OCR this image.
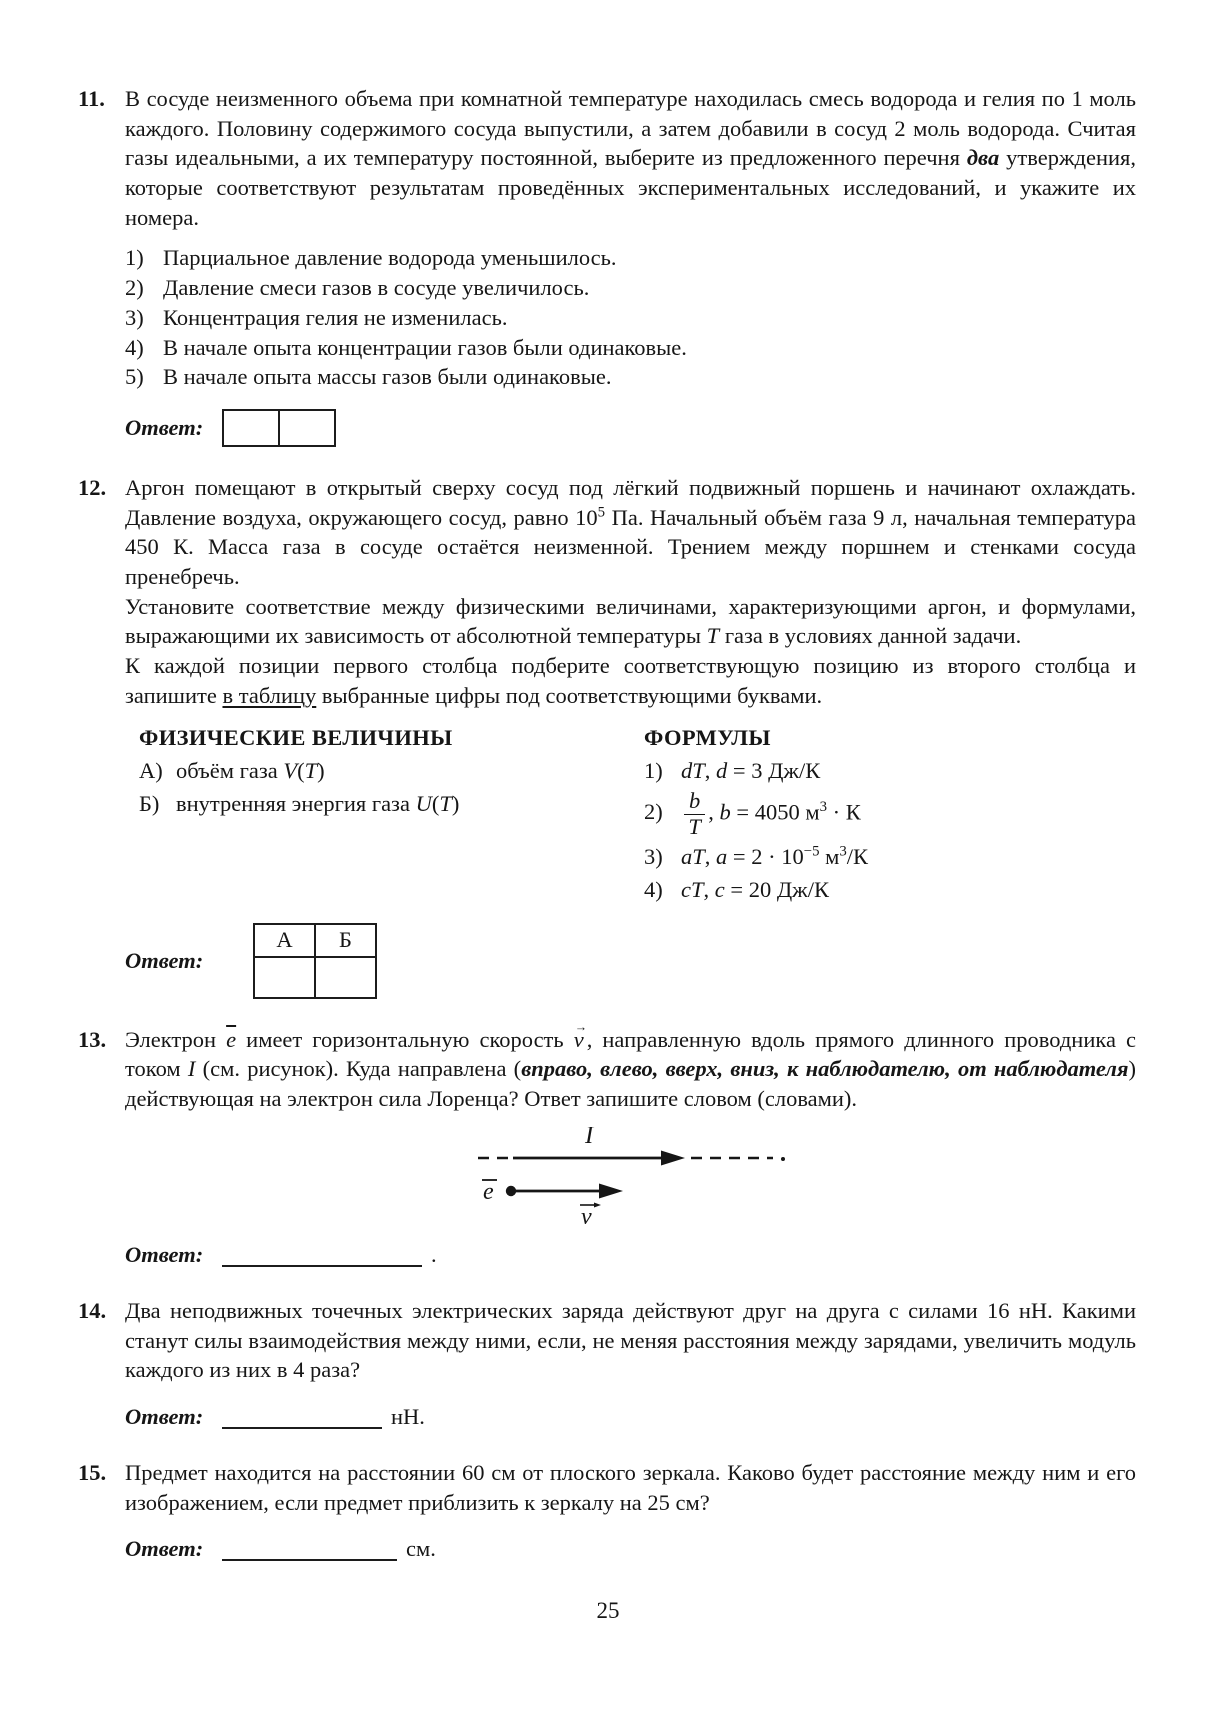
11. В сосуде неизменного объема при комнатной температуре находилась смесь водорода и гелия по 1 моль каждого. Половину содержимого сосуда выпустили, а затем добавили в сосуд 2 моль водорода. Считая газы идеальными, а их температуру постоянной, выберите из предложенного перечня два утверждения, которые соответствуют результатам проведённых экспериментальных исследований, и укажите их номера.

1) Парциальное давление водорода уменьшилось.
2) Давление смеси газов в сосуде увеличилось.
3) Концентрация гелия не изменилась.
4) В начале опыта концентрации газов были одинаковые.
5) В начале опыта массы газов были одинаковые.
Ответ:
12. Аргон помещают в открытый сверху сосуд под лёгкий подвижный поршень и начинают охлаждать. Давление воздуха, окружающего сосуд, равно $10^5$ Па. Начальный объём газа 9 л, начальная температура 450 К. Масса газа в сосуде остаётся неизменной. Трением между поршнем и стенками сосуда пренебречь.

Установите соответствие между физическими величинами, характеризующими аргон, и формулами, выражающими их зависимость от абсолютной температуры T газа в условиях данной задачи.

К каждой позиции первого столбца подберите соответствующую позицию из второго столбца и запишите в таблицу выбранные цифры под соответствующими буквами.

ФИЗИЧЕСКИЕ ВЕЛИЧИНЫ
А) объём газа V(T)
Б) внутренняя энергия газа U(T)
ФОРМУЛЫ
1) dT, d = 3 Дж/К
$2) \frac{b}{T}$ , b = 4050 $м^3 \cdot К$
3) aT, $a = 2 \cdot 10^{-5}$ $м^3/К$
4) cT, c = 20 Дж/К
Ответ:
А	Б

13. Электрон $\overline{e}$ имеет горизонтальную скорость v → , направленную вдоль прямого длинного проводника с током I (см. рисунок). Куда направлена (вправо, влево, вверх, вниз, к наблюдателю, от наблюдателя) действующая на электрон сила Лоренца? Ответ запишите словом (словами).

I
e
v
Ответ:	.
14. Два неподвижных точечных электрических заряда действуют друг на друга с силами 16 нН. Какими станут силы взаимодействия между ними, если, не меняя расстояния между зарядами, увеличить модуль каждого из них в 4 раза?

Ответ:	нН.
15. Предмет находится на расстоянии 60 см от плоского зеркала. Каково будет расстояние между ним и его изображением, если предмет приблизить к зеркалу на 25 см?

Ответ:	см.
25
